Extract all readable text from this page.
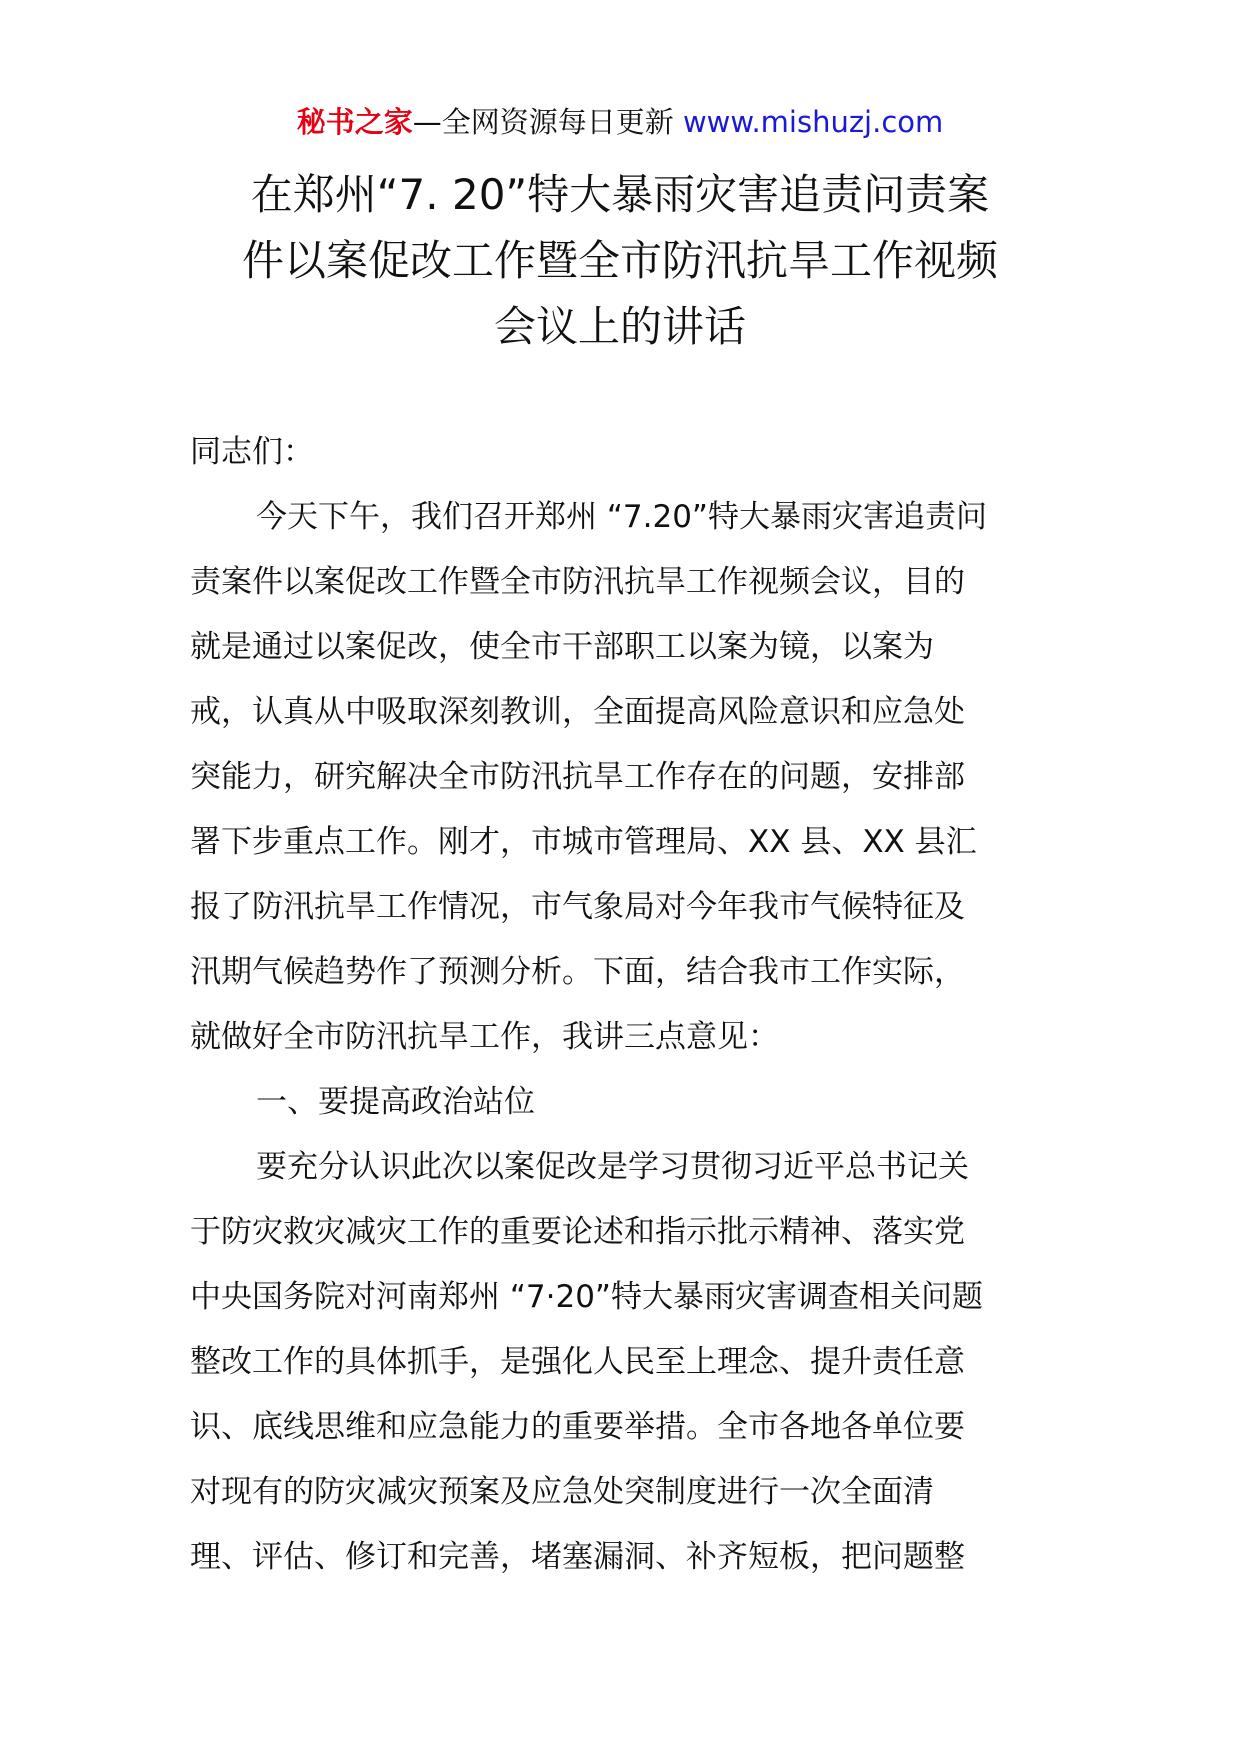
秘书之家—全网资源每日更新 www.mishuzj.com
在郑州“7. 20”特大暴雨灾害追责问责案
件以案促改工作暨全市防汛抗旱工作视频
会议上的讲话
同志们：
今天下午，我们召开郑州 “7.20”特大暴雨灾害追责问
责案件以案促改工作暨全市防汛抗旱工作视频会议，目的
就是通过以案促改，使全市干部职工以案为镜，以案为
戒，认真从中吸取深刻教训，全面提高风险意识和应急处
突能力，研究解决全市防汛抗旱工作存在的问题，安排部
署下步重点工作。刚才，市城市管理局、XX 县、XX 县汇
报了防汛抗旱工作情况，市气象局对今年我市气候特征及
汛期气候趋势作了预测分析。下面，结合我市工作实际，
就做好全市防汛抗旱工作，我讲三点意见：
一、要提高政治站位
要充分认识此次以案促改是学习贯彻习近平总书记关
于防灾救灾减灾工作的重要论述和指示批示精神、落实党
中央国务院对河南郑州 “7·20”特大暴雨灾害调查相关问题
整改工作的具体抓手，是强化人民至上理念、提升责任意
识、底线思维和应急能力的重要举措。全市各地各单位要
对现有的防灾减灾预案及应急处突制度进行一次全面清
理、评估、修订和完善，堵塞漏洞、补齐短板，把问题整
